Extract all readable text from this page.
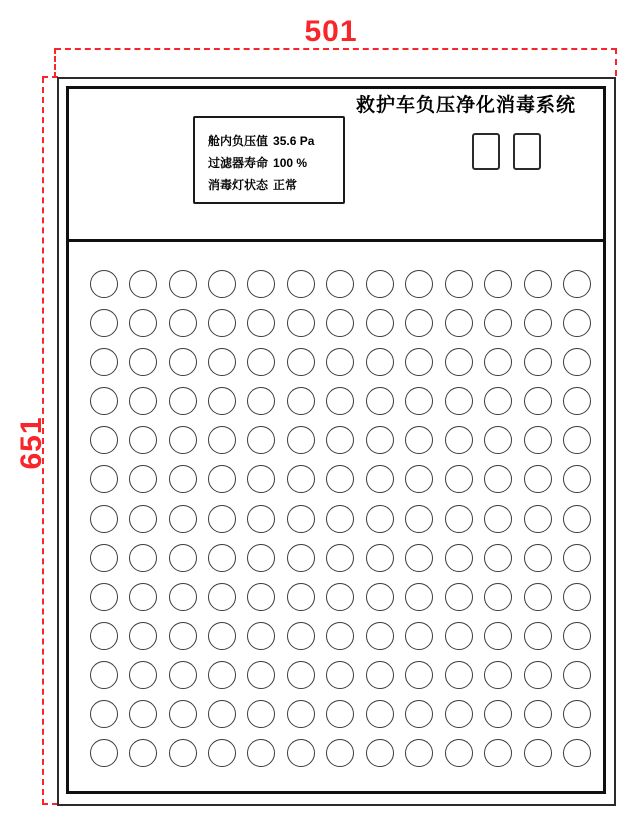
501
651
救护车负压净化消毒系统
舱内负压值 35.6 Pa
过滤器寿命 100 %
消毒灯状态 正常
